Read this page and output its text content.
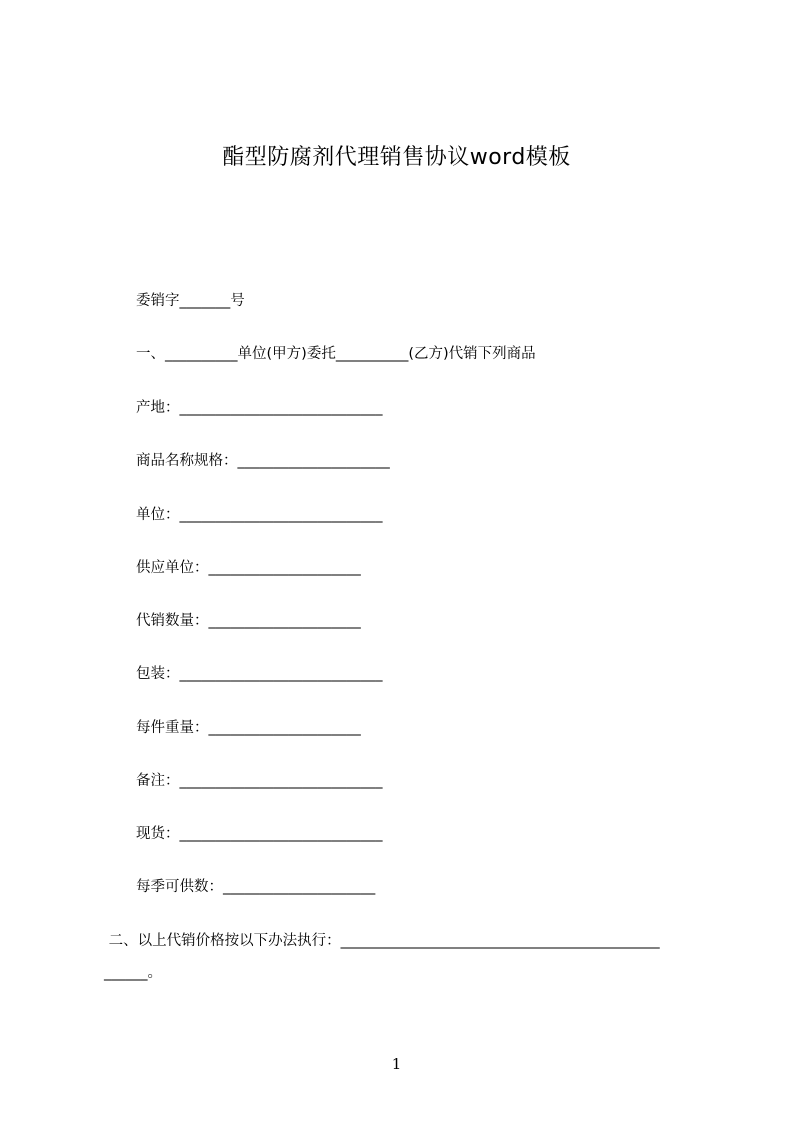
酯型防腐剂代理销售协议word模板
委销字_______号
一、__________单位(甲方)委托__________(乙方)代销下列商品
产地：____________________________
商品名称规格：_____________________
单位：____________________________
供应单位：_____________________
代销数量：_____________________
包装：____________________________
每件重量：_____________________
备注：____________________________
现货：____________________________
每季可供数：_____________________
二、以上代销价格按以下办法执行：____________________________________________
______。
1
